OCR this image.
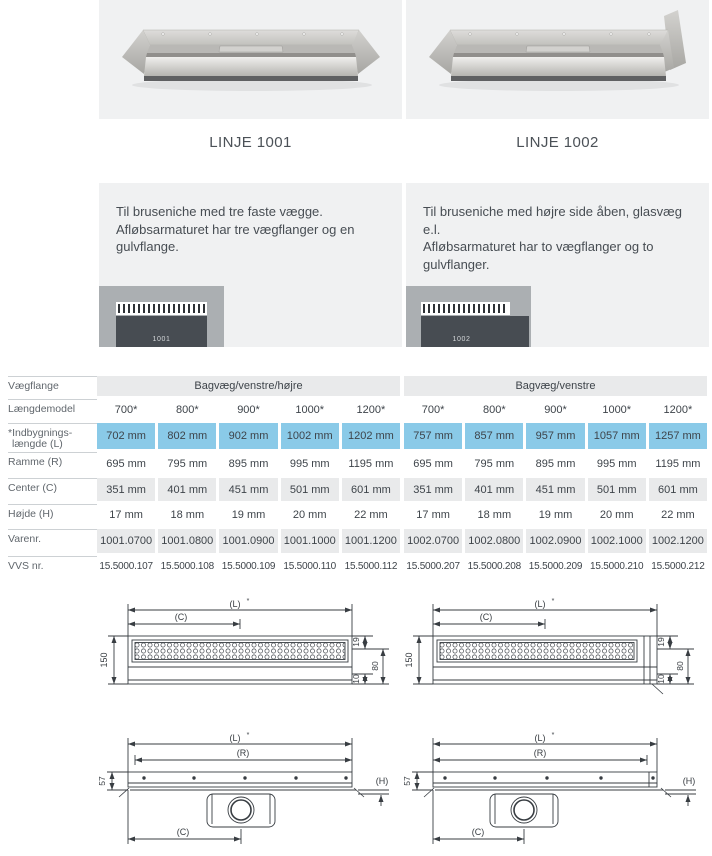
LINJE 1001	LINJE 1002

Til bruseniche med tre faste vægge.

Afløbsarmaturet har tre vægflanger og en gulvflange.

1001

Til bruseniche med højre side åben, glasvæg e.l.

Afløbsarmaturet har to vægflanger og to gulvflanger.

1002
Vægflange	Bagvæg/venstre/højre	Bagvæg/venstre
Længdemodel	700*	800*	900*	1000*	1200*	700*	800*	900*	1000*	1200*
*Indbygnings-
længde (L)
702 mm	802 mm	902 mm	1002 mm	1202 mm	757 mm	857 mm	957 mm	1057 mm	1257 mm
Ramme (R)	695 mm	795 mm	895 mm	995 mm	1195 mm	695 mm	795 mm	895 mm	995 mm	1195 mm
Center (C)	351 mm	401 mm	451 mm	501 mm	601 mm	351 mm	401 mm	451 mm	501 mm	601 mm
Højde (H)	17 mm	18 mm	19 mm	20 mm	22 mm	17 mm	18 mm	19 mm	20 mm	22 mm
Varenr.	1001.0700 1001.0800 1001.0900 1001.1000 1001.1200 1002.0700 1002.0800 1002.0900 1002.1000 1002.1200
VVS nr.	15.5000.107 15.5000.108 15.5000.109 15.5000.110 15.5000.112 15.5000.207 15.5000.208 15.5000.209 15.5000.210 15.5000.212
(L) *
(C)
150
19
80
10
(L) *
(C)
150
19
80
10
(L) *
(R)
57	(H)
(C)
(L) *
(R)
57	(H)
(C)
